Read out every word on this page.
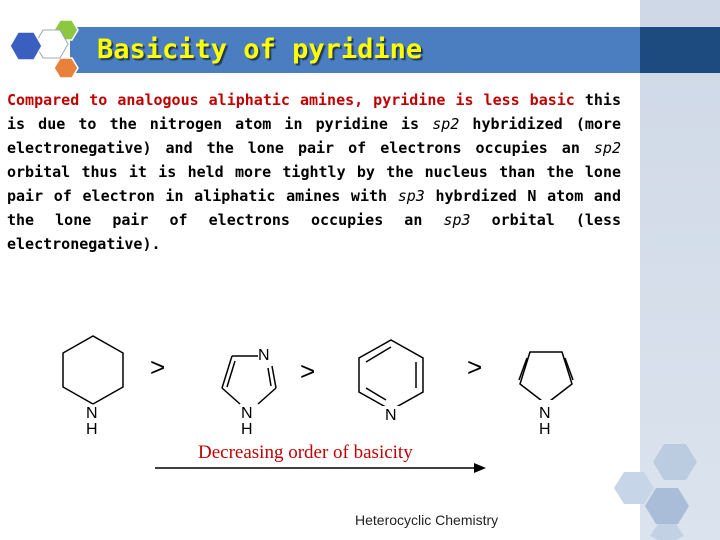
Basicity of pyridine

Compared to analogous aliphatic amines, pyridine is less basic this is due to the nitrogen atom in pyridine is sp2 hybridized (more electronegative) and the lone pair of electrons occupies an sp2 orbital thus it is held more tightly by the nucleus than the lone pair of electron in aliphatic amines with sp3 hybrdized N atom and the lone pair of electrons occupies an sp3 orbital (less electronegative).

N
H
>	N
N
H
>
N
>
N
H
Decreasing order of basicity
Heterocyclic Chemistry
